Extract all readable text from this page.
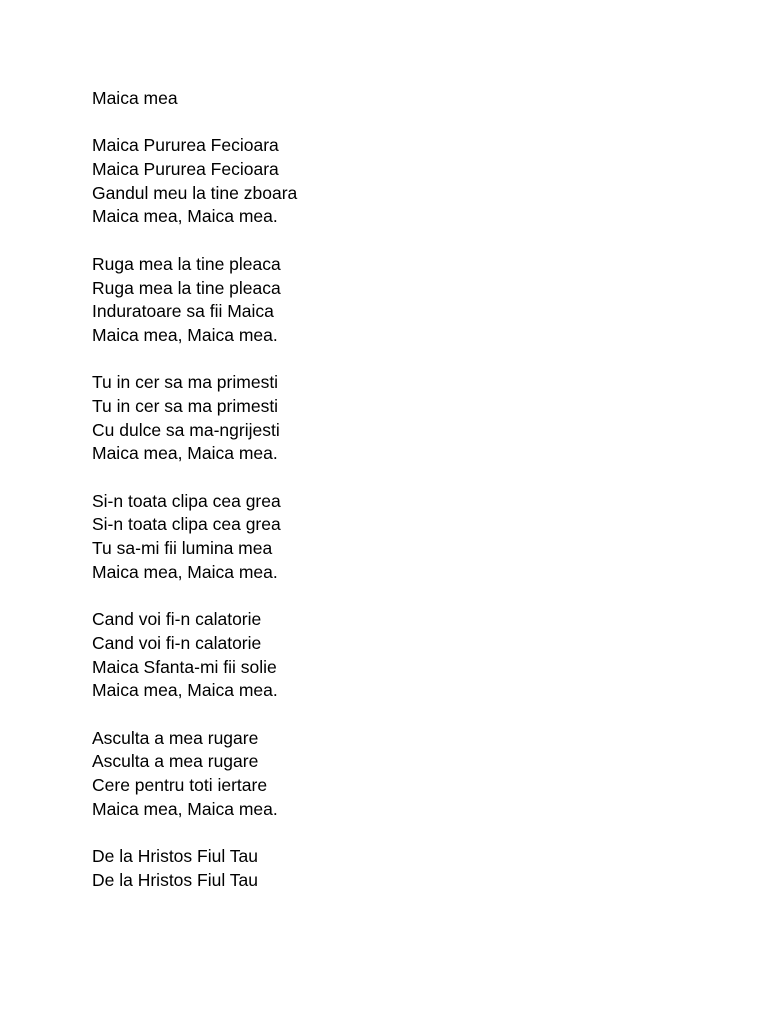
Maica mea
Maica Pururea Fecioara
Maica Pururea Fecioara
Gandul meu la tine zboara
Maica mea, Maica mea.
Ruga mea la tine pleaca
Ruga mea la tine pleaca
Induratoare sa fii Maica
Maica mea, Maica mea.
Tu in cer sa ma primesti
Tu in cer sa ma primesti
Cu dulce sa ma-ngrijesti
Maica mea, Maica mea.
Si-n toata clipa cea grea
Si-n toata clipa cea grea
Tu sa-mi fii lumina mea
Maica mea, Maica mea.
Cand voi fi-n calatorie
Cand voi fi-n calatorie
Maica Sfanta-mi fii solie
Maica mea, Maica mea.
Asculta a mea rugare
Asculta a mea rugare
Cere pentru toti iertare
Maica mea, Maica mea.
De la Hristos Fiul Tau
De la Hristos Fiul Tau
